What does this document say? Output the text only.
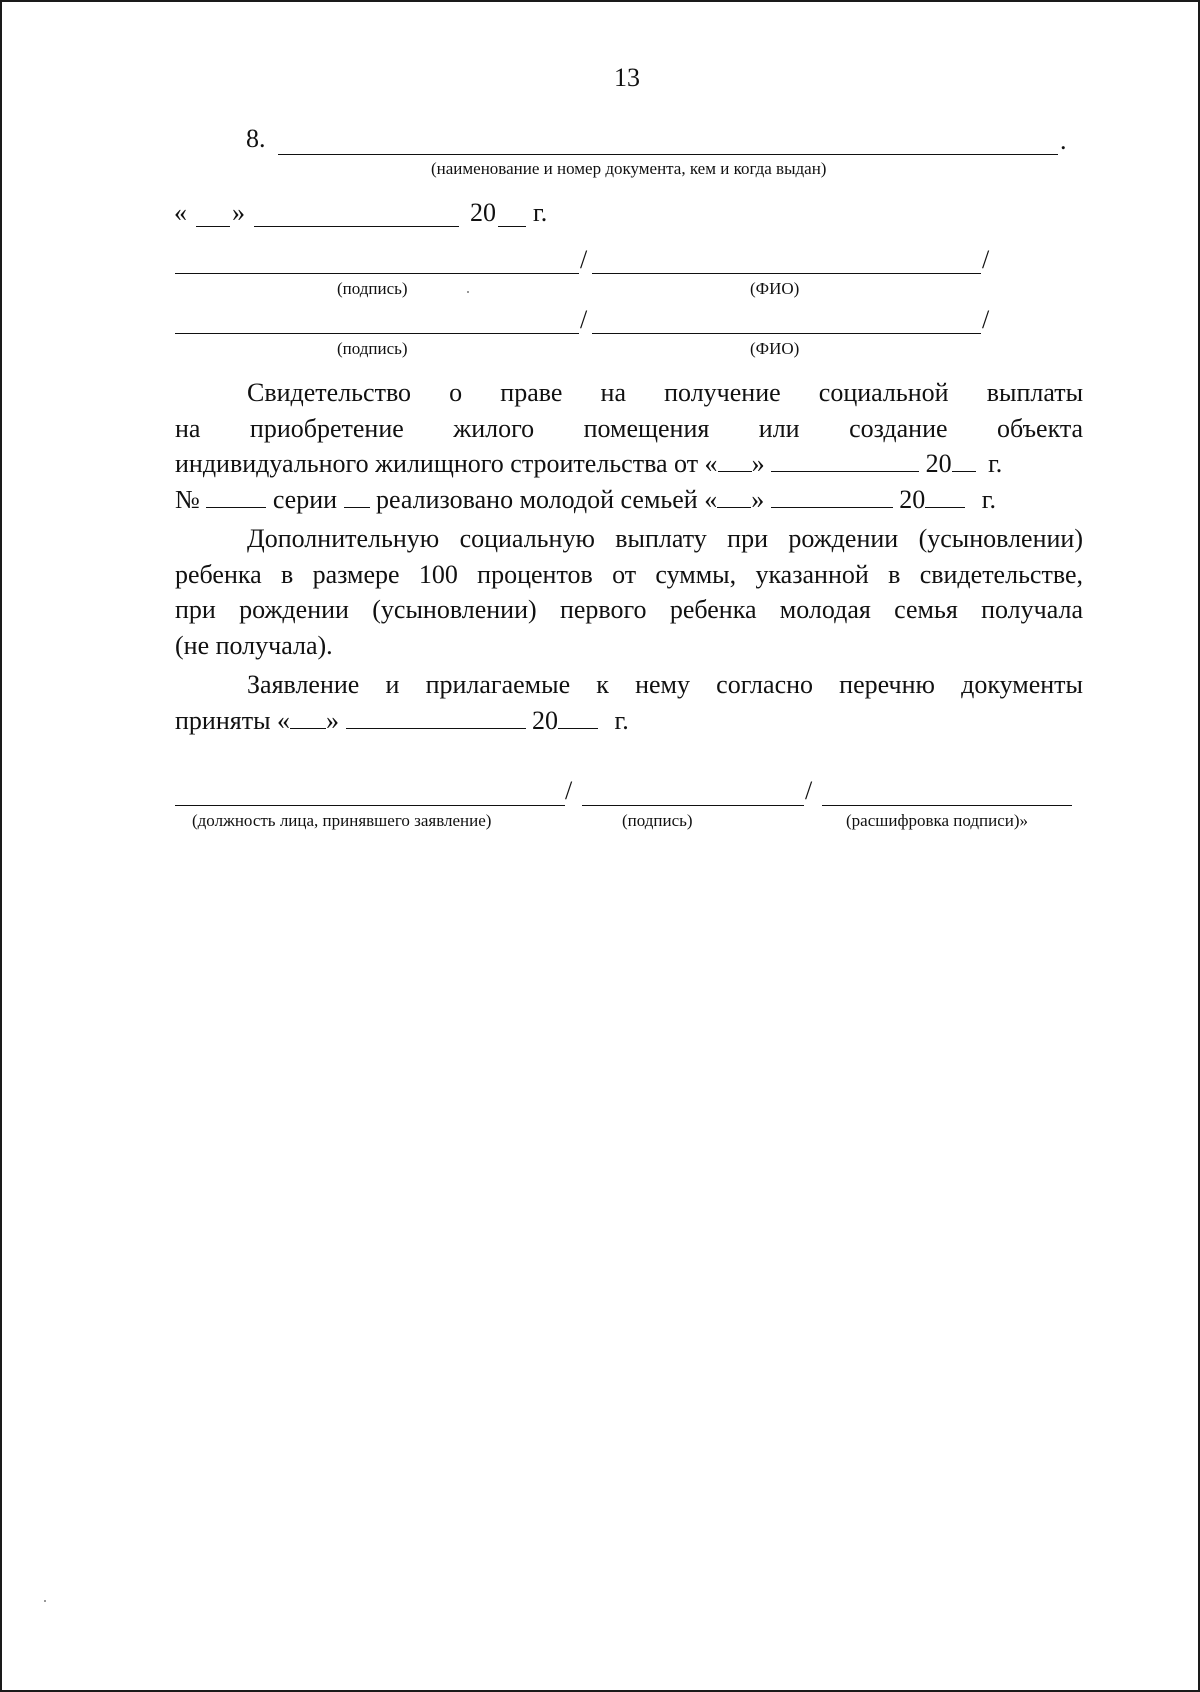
13
8.	.
(наименование и номер документа, кем и когда выдан)
« »	20 г.
/	/
(подпись)	(ФИО)
/	/
(подпись)	(ФИО)
Свидетельство о праве на получение социальной выплаты
на приобретение жилого помещения или создание объекта
индивидуального жилищного строительства от « »	20 г.
№	серии реализовано молодой семьей « »	20 г.
Дополнительную социальную выплату при рождении (усыновлении)
ребенка в размере 100 процентов от суммы, указанной в свидетельстве,
при рождении (усыновлении) первого ребенка молодая семья получала
(не получала).
Заявление и прилагаемые к нему согласно перечню документы
приняты « »	20 г.
/	/
(должность лица, принявшего заявление)	(подпись)	(расшифровка подписи)»
